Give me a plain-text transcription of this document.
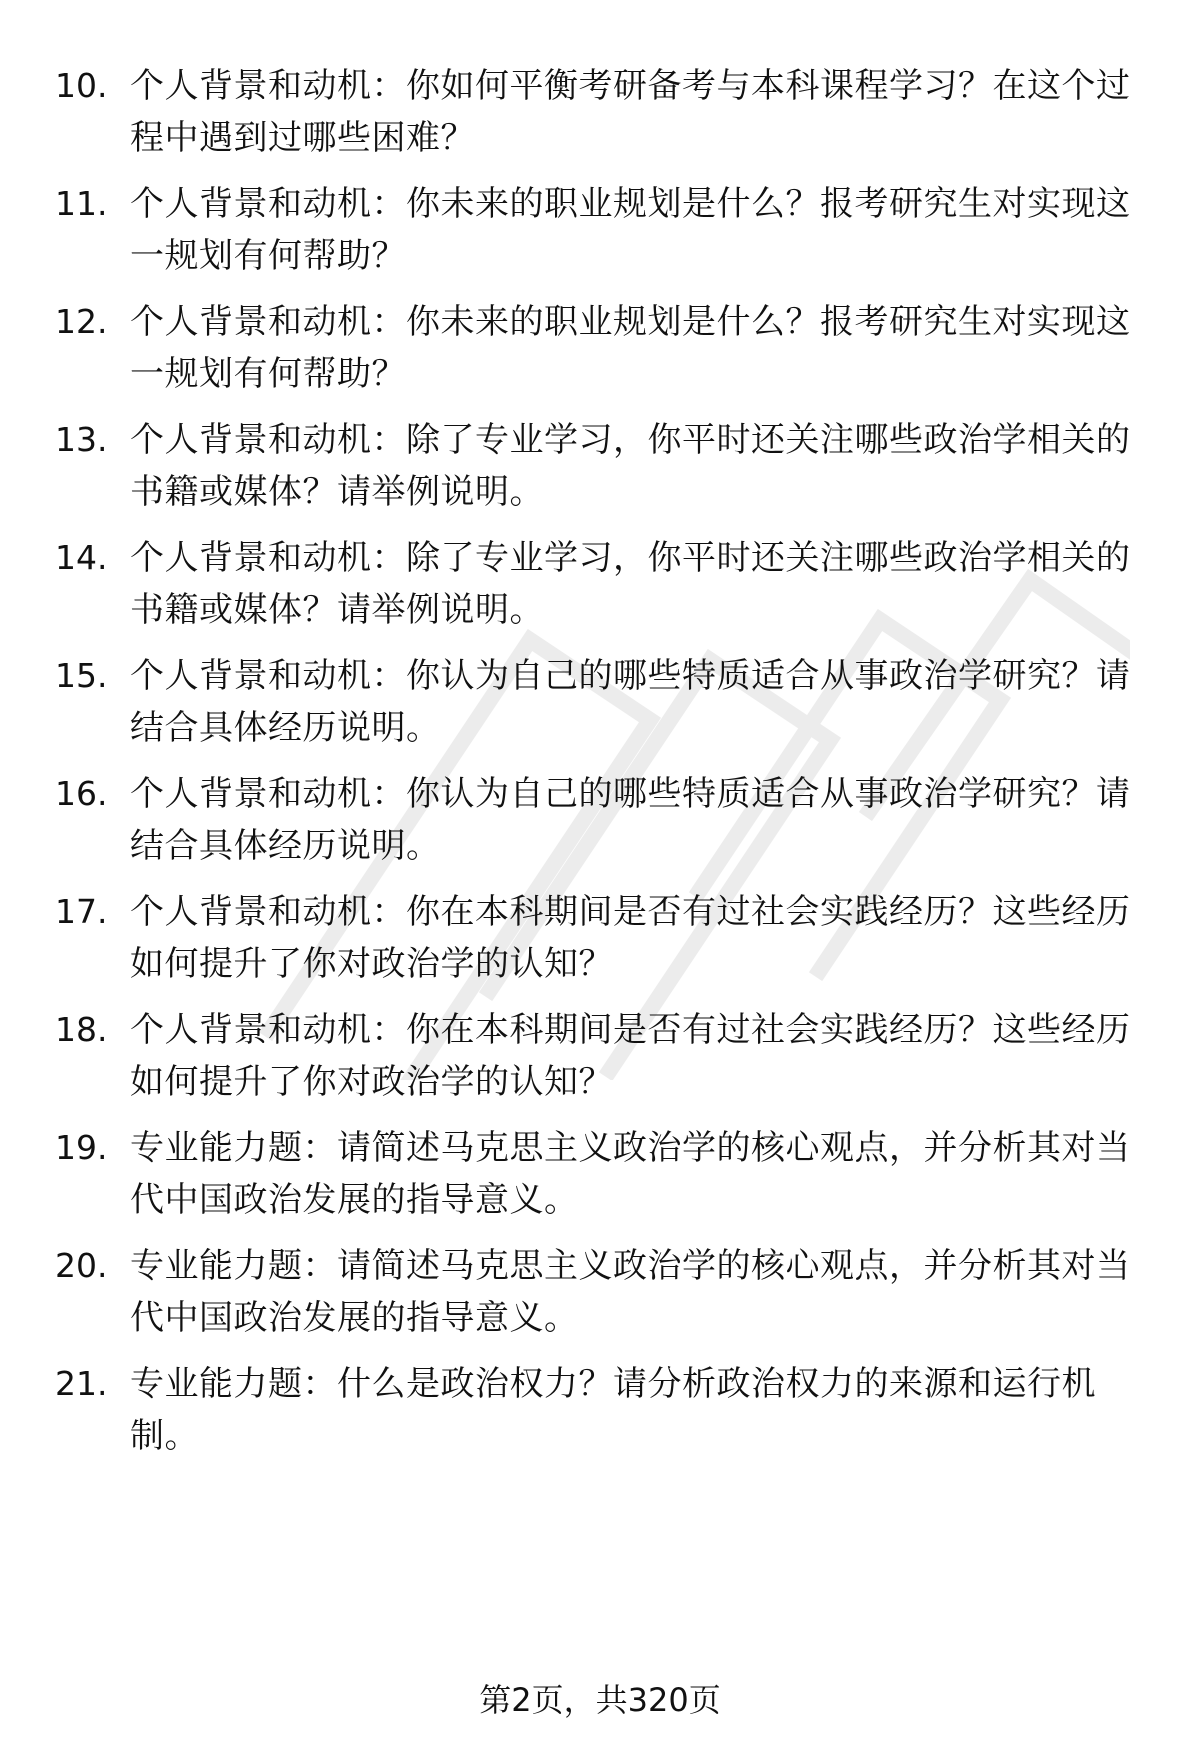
10. 个人背景和动机：你如何平衡考研备考与本科课程学习？在这个过程中遇到过哪些困难？
11. 个人背景和动机：你未来的职业规划是什么？报考研究生对实现这一规划有何帮助？
12. 个人背景和动机：你未来的职业规划是什么？报考研究生对实现这一规划有何帮助？
13. 个人背景和动机：除了专业学习，你平时还关注哪些政治学相关的书籍或媒体？请举例说明。
14. 个人背景和动机：除了专业学习，你平时还关注哪些政治学相关的书籍或媒体？请举例说明。
15. 个人背景和动机：你认为自己的哪些特质适合从事政治学研究？请结合具体经历说明。
16. 个人背景和动机：你认为自己的哪些特质适合从事政治学研究？请结合具体经历说明。
17. 个人背景和动机：你在本科期间是否有过社会实践经历？这些经历如何提升了你对政治学的认知？
18. 个人背景和动机：你在本科期间是否有过社会实践经历？这些经历如何提升了你对政治学的认知？
19. 专业能力题：请简述马克思主义政治学的核心观点，并分析其对当代中国政治发展的指导意义。
20. 专业能力题：请简述马克思主义政治学的核心观点，并分析其对当代中国政治发展的指导意义。
21. 专业能力题：什么是政治权力？请分析政治权力的来源和运行机制。
第2页，共320页
